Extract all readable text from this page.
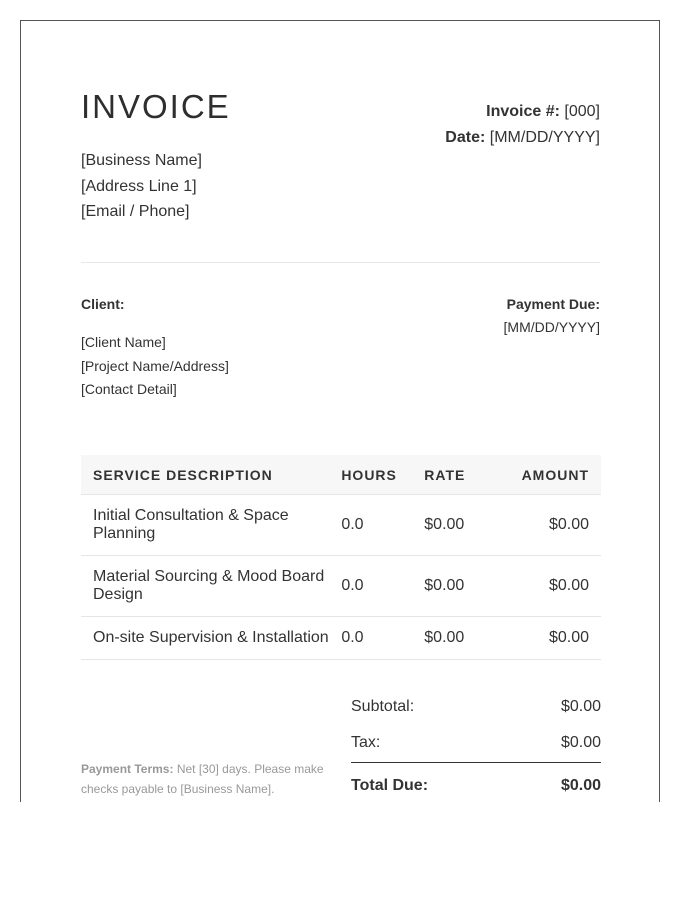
INVOICE	Invoice #: [000]
Date: [MM/DD/YYYY]
[Business Name]
[Address Line 1]
[Email / Phone]
Client:
[Client Name]
[Project Name/Address]
[Contact Detail]
Payment Due:
[MM/DD/YYYY]
SERVICE DESCRIPTION	HOURS	RATE	AMOUNT
Initial Consultation & Space Planning	0.0	$0.00	$0.00
Material Sourcing & Mood Board Design	0.0	$0.00	$0.00
On-site Supervision & Installation	0.0	$0.00	$0.00
Subtotal:	$0.00
Tax:	$0.00
Total Due:	$0.00
Payment Terms: Net [30] days. Please make checks payable to [Business Name].
